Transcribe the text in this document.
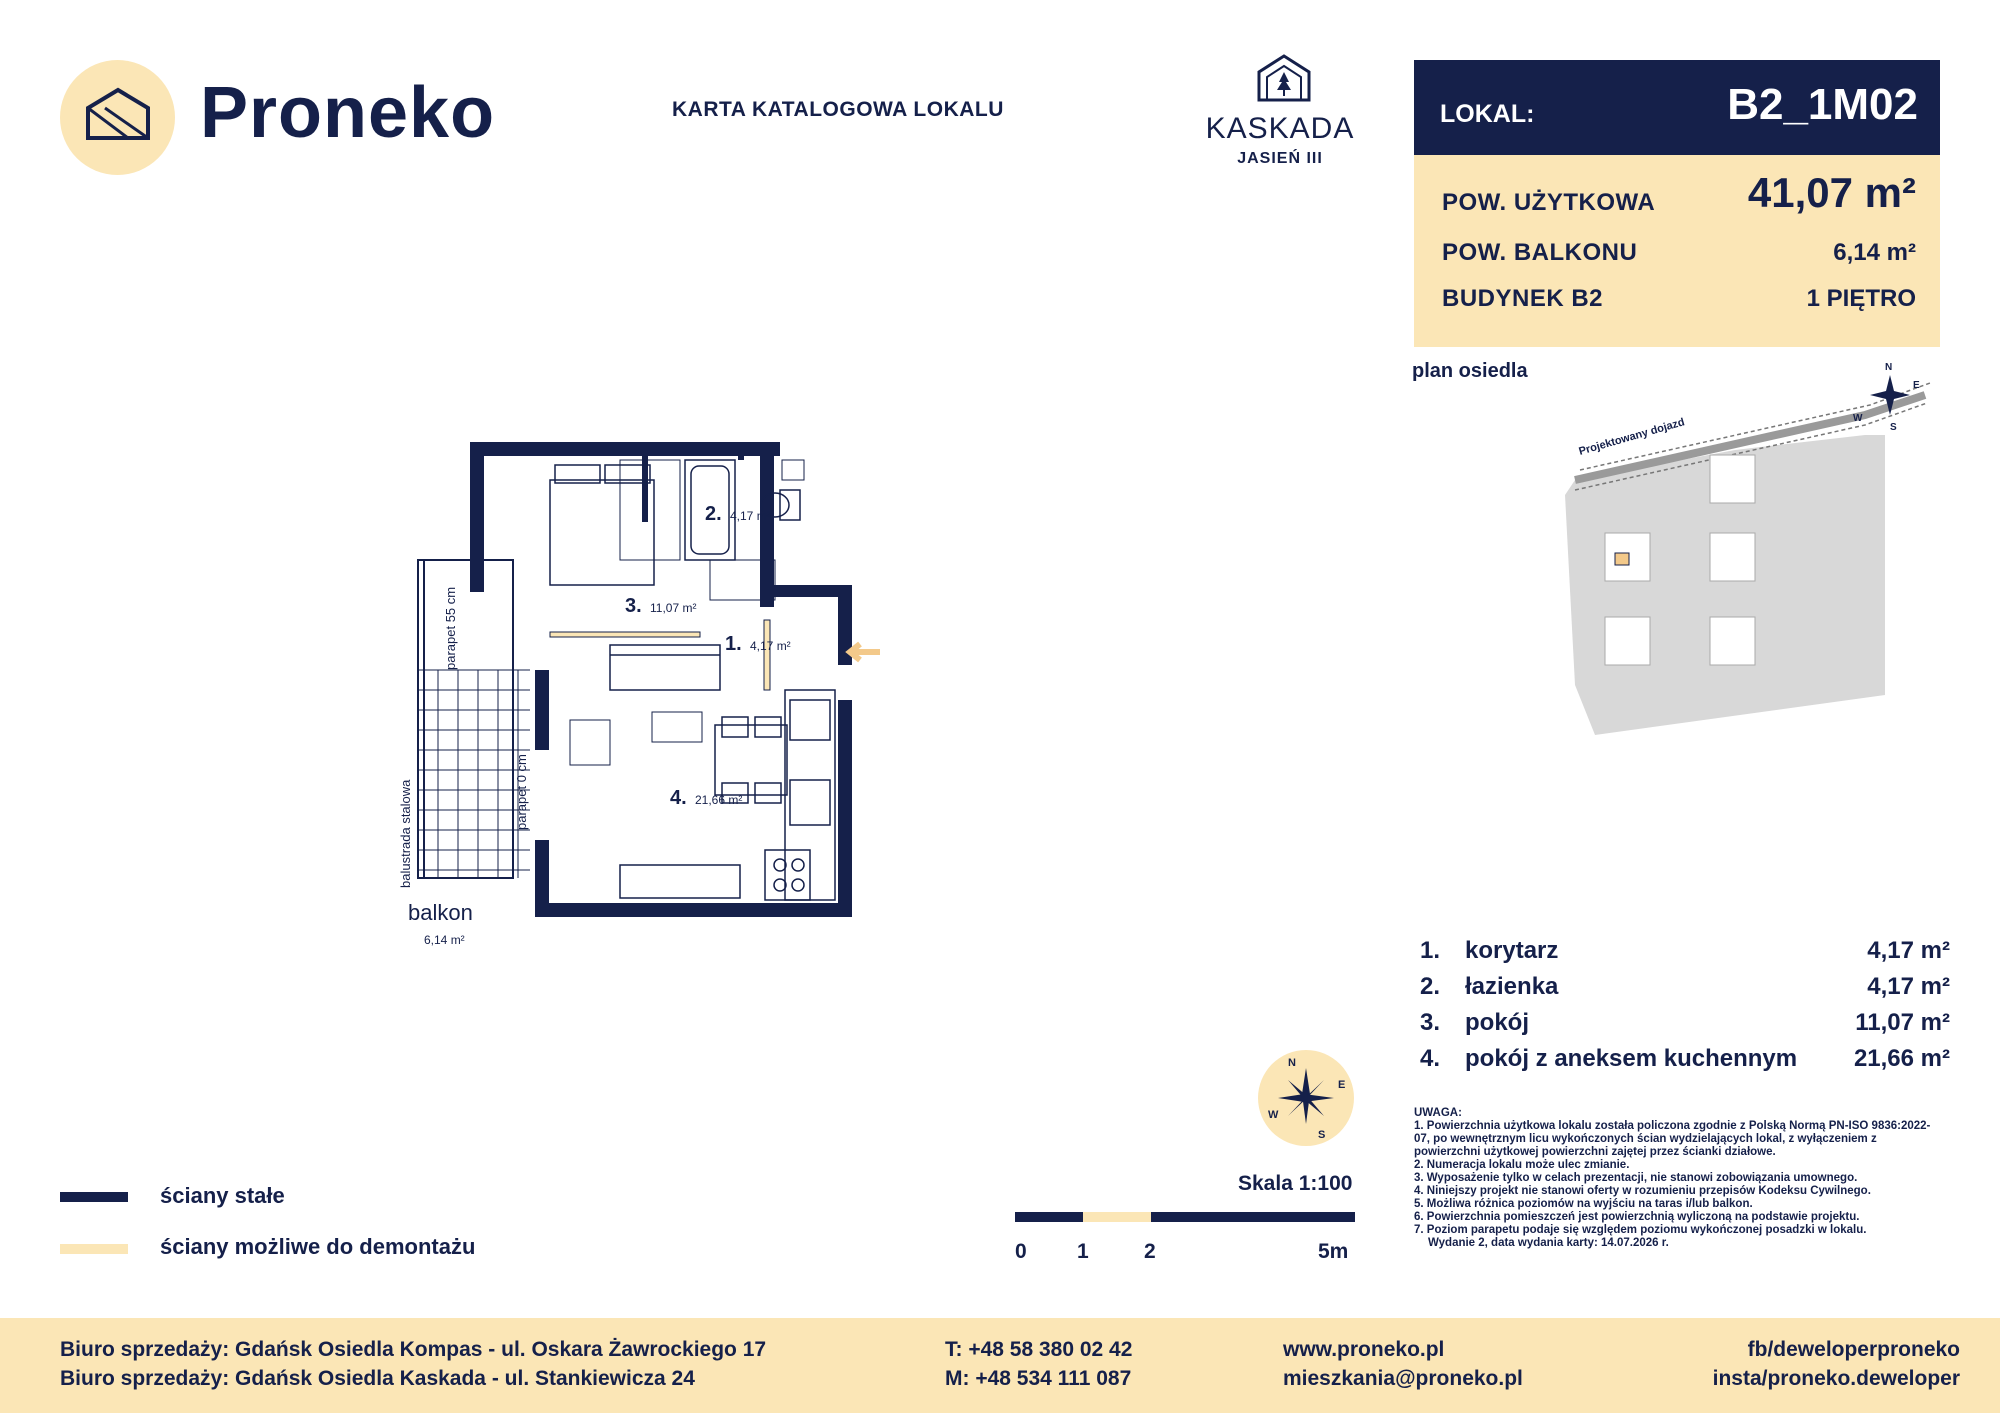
Proneko	KARTA KATALOGOWA LOKALU
KASKADA
JASIEŃ III
LOKAL:	B2_1M02
POW. UŻYTKOWA 41,07 m²
POW. BALKONU	6,14 m²
BUDYNEK B2	1 PIĘTRO
plan osiedla
Projektowany dojazd
N
E
S
W
1. 4,17 m²
2. 4,17 m²
3. 11,07 m²
4. 21,66 m²
parapet 55 cm
parapet 0 cm
balustrada stalowa
balkon
6,14 m²	1. korytarz	4,17 m²
2. łazienka	4,17 m²
3. pokój	11,07 m²
4. pokój z aneksem kuchennym 21,66 m²
N
E
S
W	UWAGA:

1. Powierzchnia użytkowa lokalu została policzona zgodnie z Polską Normą PN-ISO 9836:2022-07, po wewnętrznym licu wykończonych ścian wydzielających lokal, z wyłączeniem z powierzchni użytkowej powierzchni zajętej przez ścianki działowe.

2. Numeracja lokalu może ulec zmianie.

3. Wyposażenie tylko w celach prezentacji, nie stanowi zobowiązania umownego.

4. Niniejszy projekt nie stanowi oferty w rozumieniu przepisów Kodeksu Cywilnego.

5. Możliwa różnica poziomów na wyjściu na taras i/lub balkon.

6. Powierzchnia pomieszczeń jest powierzchnią wyliczoną na podstawie projektu.

7. Poziom parapetu podaje się względem poziomu wykończonej posadzki w lokalu.

Wydanie 2, data wydania karty: 14.07.2026 r.

ściany stałe
ściany możliwe do demontażu
Skala 1:100
0 1	2	5m
Biuro sprzedaży: Gdańsk Osiedla Kompas - ul. Oskara Żawrockiego 17
Biuro sprzedaży: Gdańsk Osiedla Kaskada - ul. Stankiewicza 24
T: +48 58 380 02 42
M: +48 534 111 087
www.proneko.pl
mieszkania@proneko.pl
fb/deweloperproneko
insta/proneko.deweloper
